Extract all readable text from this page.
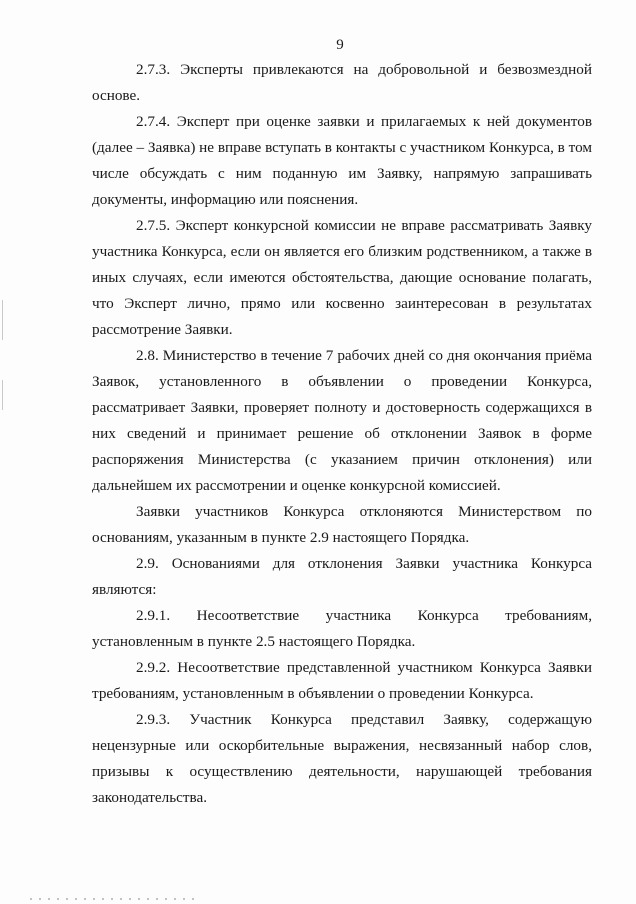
9

2.7.3. Эксперты привлекаются на добровольной и безвозмездной основе.

2.7.4. Эксперт при оценке заявки и прилагаемых к ней документов (далее – Заявка) не вправе вступать в контакты с участником Конкурса, в том числе обсуждать с ним поданную им Заявку, напрямую запрашивать документы, информацию или пояснения.

2.7.5. Эксперт конкурсной комиссии не вправе рассматривать Заявку участника Конкурса, если он является его близким родственником, а также в иных случаях, если имеются обстоятельства, дающие основание полагать, что Эксперт лично, прямо или косвенно заинтересован в результатах рассмотрение Заявки.

2.8. Министерство в течение 7 рабочих дней со дня окончания приёма Заявок, установленного в объявлении о проведении Конкурса, рассматривает Заявки, проверяет полноту и достоверность содержащихся в них сведений и принимает решение об отклонении Заявок в форме распоряжения Министерства (с указанием причин отклонения) или дальнейшем их рассмотрении и оценке конкурсной комиссией.

Заявки участников Конкурса отклоняются Министерством по основаниям, указанным в пункте 2.9 настоящего Порядка.

2.9. Основаниями для отклонения Заявки участника Конкурса являются:

2.9.1. Несоответствие участника Конкурса требованиям, установленным в пункте 2.5 настоящего Порядка.

2.9.2. Несоответствие представленной участником Конкурса Заявки требованиям, установленным в объявлении о проведении Конкурса.

2.9.3. Участник Конкурса представил Заявку, содержащую нецензурные или оскорбительные выражения, несвязанный набор слов, призывы к осуществлению деятельности, нарушающей требования законодательства.
